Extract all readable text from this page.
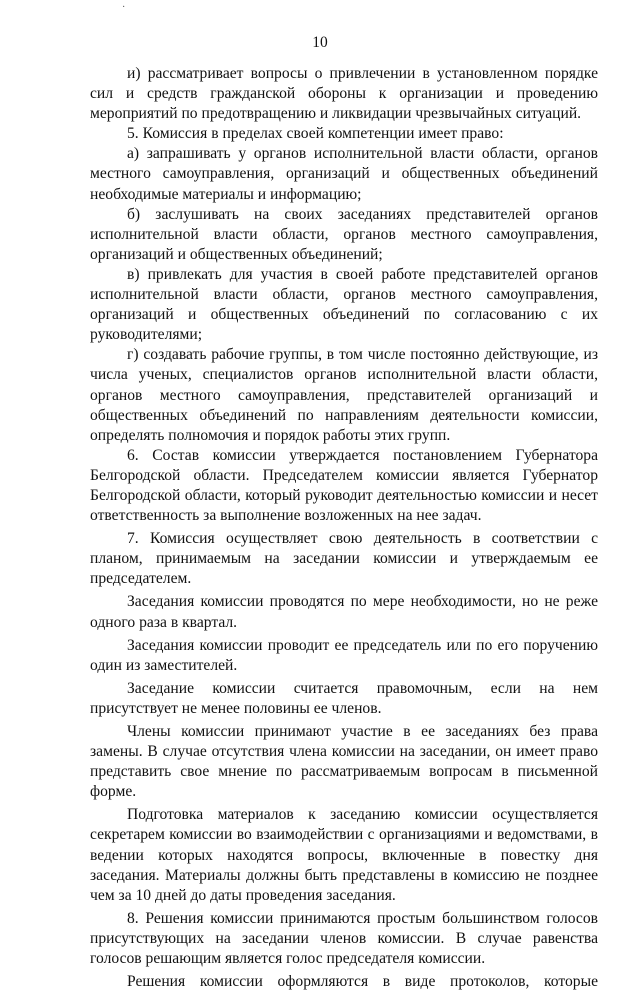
·
10

и) рассматривает вопросы о привлечении в установленном порядке сил и средств гражданской обороны к организации и проведению мероприятий по предотвращению и ликвидации чрезвычайных ситуаций.

5. Комиссия в пределах своей компетенции имеет право:

а) запрашивать у органов исполнительной власти области, органов местного самоуправления, организаций и общественных объединений необходимые материалы и информацию;

б) заслушивать на своих заседаниях представителей органов исполнительной власти области, органов местного самоуправления, организаций и общественных объединений;

в) привлекать для участия в своей работе представителей органов исполнительной власти области, органов местного самоуправления, организаций и общественных объединений по согласованию с их руководителями;

г) создавать рабочие группы, в том числе постоянно действующие, из числа ученых, специалистов органов исполнительной власти области, органов местного самоуправления, представителей организаций и общественных объединений по направлениям деятельности комиссии, определять полномочия и порядок работы этих групп.

6. Состав комиссии утверждается постановлением Губернатора Белгородской области. Председателем комиссии является Губернатор Белгородской области, который руководит деятельностью комиссии и несет ответственность за выполнение возложенных на нее задач.

7. Комиссия осуществляет свою деятельность в соответствии с планом, принимаемым на заседании комиссии и утверждаемым ее председателем.

Заседания комиссии проводятся по мере необходимости, но не реже одного раза в квартал.

Заседания комиссии проводит ее председатель или по его поручению один из заместителей.

Заседание комиссии считается правомочным, если на нем присутствует не менее половины ее членов.

Члены комиссии принимают участие в ее заседаниях без права замены. В случае отсутствия члена комиссии на заседании, он имеет право представить свое мнение по рассматриваемым вопросам в письменной форме.

Подготовка материалов к заседанию комиссии осуществляется секретарем комиссии во взаимодействии с организациями и ведомствами, в ведении которых находятся вопросы, включенные в повестку дня заседания. Материалы должны быть представлены в комиссию не позднее чем за 10 дней до даты проведения заседания.

8. Решения комиссии принимаются простым большинством голосов присутствующих на заседании членов комиссии. В случае равенства голосов решающим является голос председателя комиссии.

Решения комиссии оформляются в виде протоколов, которые
